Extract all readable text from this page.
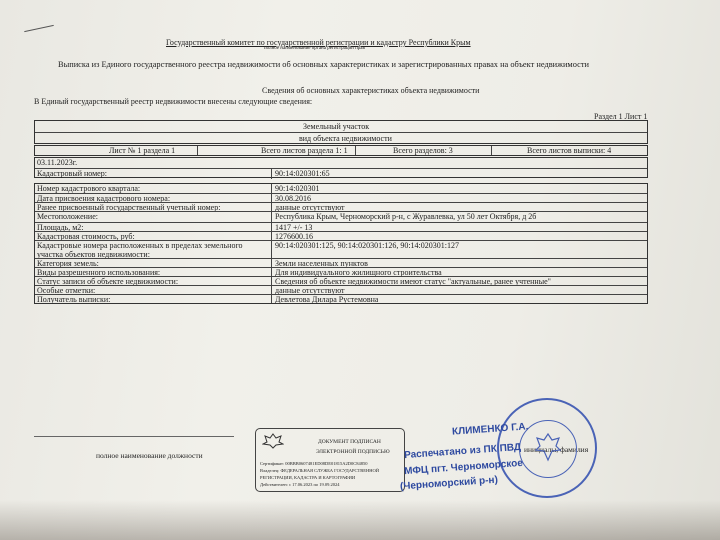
Государственный комитет по государственной регистрации и кадастру Республики Крым
полное наименование органа регистрации прав
Выписка из Единого государственного реестра недвижимости об основных характеристиках и зарегистрированных правах на объект недвижимости
Сведения об основных характеристиках объекта недвижимости
В Единый государственный реестр недвижимости внесены следующие сведения:
Раздел 1 Лист 1
Земельный участок
вид объекта недвижимости
Лист № 1 раздела 1	Всего листов раздела 1: 1	Всего разделов: 3	Всего листов выписки: 4
03.11.2023г.
Кадастровый номер:	90:14:020301:65
Номер кадастрового квартала:	90:14:020301
Дата присвоения кадастрового номера:	30.08.2016
Ранее присвоенный государственный учетный номер:	данные отсутствуют
Местоположение:	Республика Крым, Черноморский р-н, с Журавлевка, ул 50 лет Октября, д 2б
Площадь, м2:	1417 +/- 13
Кадастровая стоимость, руб:	1276600.16
Кадастровые номера расположенных в пределах земельного
участка объектов недвижимости:
90:14:020301:125, 90:14:020301:126, 90:14:020301:127
Категория земель:	Земли населенных пунктов
Виды разрешенного использования:	Для индивидуального жилищного строительства
Статус записи об объекте недвижимости:	Сведения об объекте недвижимости имеют статус "актуальные, ранее учтенные"
Особые отметки:	данные отсутствуют
Получатель выписки:	Девлетова Дилара Рустемовна
полное наименование должности
инициалы, фамилия
ДОКУМЕНТ ПОДПИСАН
ЭЛЕКТРОННОЙ ПОДПИСЬЮ
Сертификат: 00BBB0607481ED08DE01815A2D0C84850
Владелец: ФЕДЕРАЛЬНАЯ СЛУЖБА ГОСУДАРСТВЕННОЙ
РЕГИСТРАЦИИ, КАДАСТРА И КАРТОГРАФИИ
Действителен: с 17.06.2023 по 19.09.2024
КЛИМЕНКО Г.А.
Распечатано из ПК ПВД
МФЦ пгт. Черноморское
(Черноморский р-н)
